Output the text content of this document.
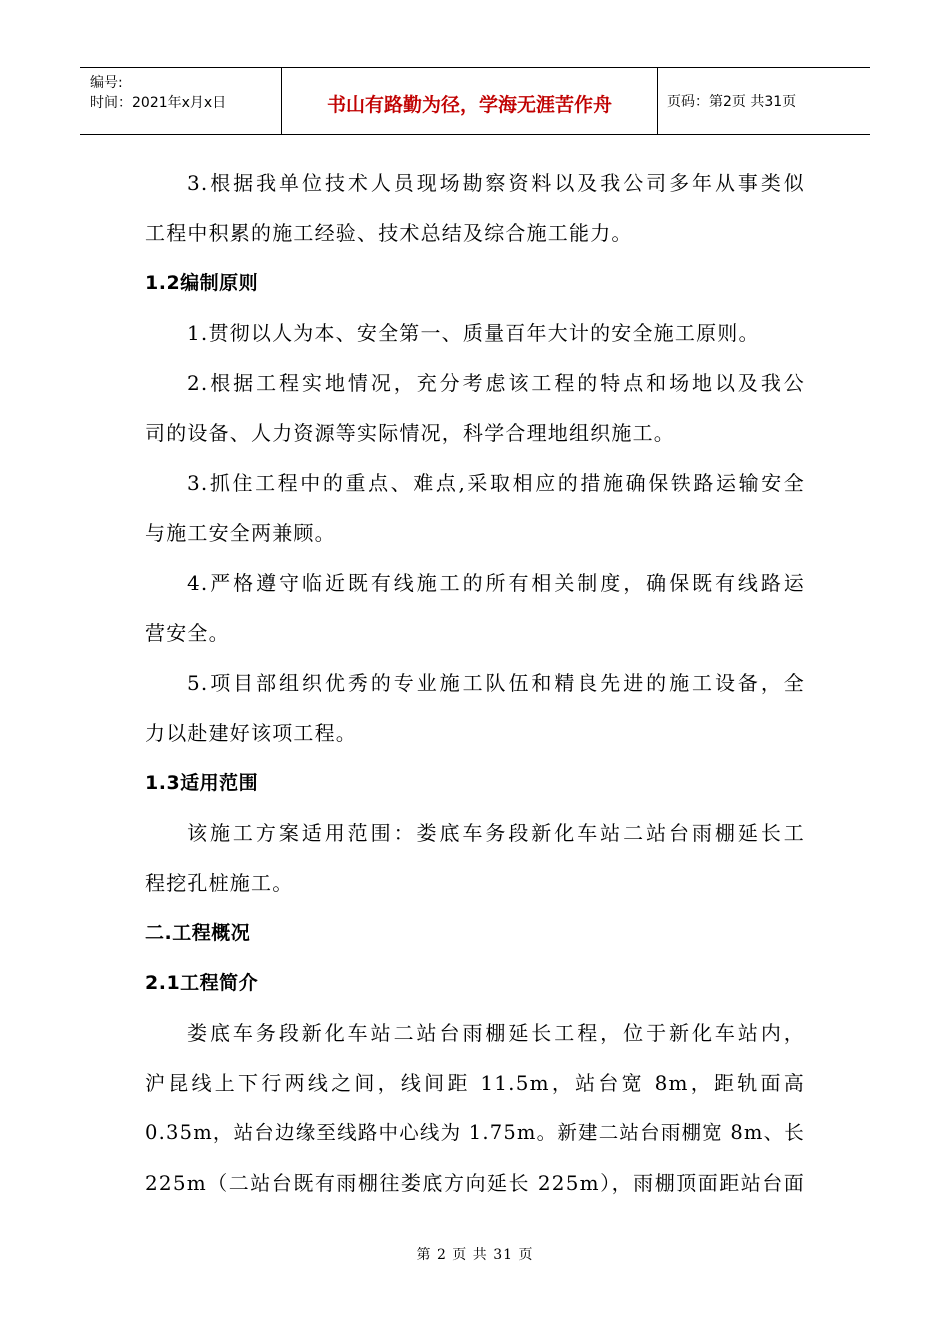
编号:
时间：2021年x月x日	书山有路勤为径，学海无涯苦作舟	页码：第2页 共31页
3.根据我单位技术人员现场勘察资料以及我公司多年从事类似
工程中积累的施工经验、技术总结及综合施工能力。
1.2编制原则
1.贯彻以人为本、安全第一、质量百年大计的安全施工原则。
2.根据工程实地情况，充分考虑该工程的特点和场地以及我公
司的设备、人力资源等实际情况，科学合理地组织施工。
3.抓住工程中的重点、难点,采取相应的措施确保铁路运输安全
与施工安全两兼顾。
4.严格遵守临近既有线施工的所有相关制度，确保既有线路运
营安全。
5.项目部组织优秀的专业施工队伍和精良先进的施工设备，全
力以赴建好该项工程。
1.3适用范围
该施工方案适用范围：娄底车务段新化车站二站台雨棚延长工
程挖孔桩施工。
二.工程概况
2.1工程简介
娄底车务段新化车站二站台雨棚延长工程，位于新化车站内，
沪昆线上下行两线之间，线间距 11.5m，站台宽 8m，距轨面高
0.35m，站台边缘至线路中心线为 1.75m。新建二站台雨棚宽 8m、长
225m（二站台既有雨棚往娄底方向延长 225m），雨棚顶面距站台面
第 2 页 共 31 页
